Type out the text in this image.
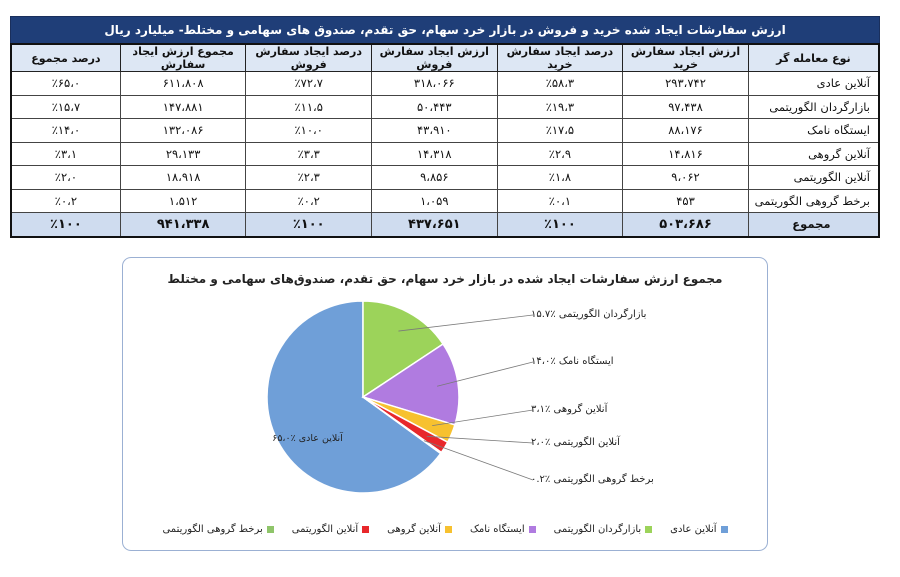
ارزش سفارشات ایجاد شده خرید و فروش در بازار خرد سهام، حق تقدم، صندوق های سهامی و مختلط- میلیارد ریال
نوع معامله گر	ارزش ایجاد سفارش خرید	درصد ایجاد سفارش خرید	ارزش ایجاد سفارش فروش	درصد ایجاد سفارش فروش	مجموع ارزش ایجاد سفارش	درصد مجموع
آنلاین عادی	۲۹۳،۷۴۲	٪۵۸،۳	۳۱۸،۰۶۶	٪۷۲،۷	۶۱۱،۸۰۸	٪۶۵،۰
بازارگردان الگوریتمی	۹۷،۴۳۸	٪۱۹،۳	۵۰،۴۴۳	٪۱۱،۵	۱۴۷،۸۸۱	٪۱۵،۷
ایستگاه نامک	۸۸،۱۷۶	٪۱۷،۵	۴۳،۹۱۰	٪۱۰،۰	۱۳۲،۰۸۶	٪۱۴،۰
آنلاین گروهی	۱۴،۸۱۶	٪۲،۹	۱۴،۳۱۸	٪۳،۳	۲۹،۱۳۳	٪۳،۱
آنلاین الگوریتمی	۹،۰۶۲	٪۱،۸	۹،۸۵۶	٪۲،۳	۱۸،۹۱۸	٪۲،۰
برخط گروهی الگوریتمی	۴۵۳	٪۰،۱	۱،۰۵۹	٪۰،۲	۱،۵۱۲	٪۰،۲
مجموع	۵۰۳،۶۸۶	٪۱۰۰	۴۳۷،۶۵۱	٪۱۰۰	۹۴۱،۳۳۸	٪۱۰۰
مجموع ارزش سفارشات ایجاد شده در بازار خرد سهام، حق تقدم، صندوق‌های سهامی و مختلط
آنلاین عادی ٪۶۵،۰
بازارگردان الگوریتمی ٪۱۵.۷
ایستگاه نامک ٪۱۴،۰
آنلاین گروهی ٪۳،۱
آنلاین الگوریتمی ٪۲،۰
برخط گروهی الگوریتمی ٪۰.۲
آنلاین عادی
بازارگردان الگوریتمی
ایستگاه نامک
آنلاین گروهی
آنلاین الگوریتمی
برخط گروهی الگوریتمی
